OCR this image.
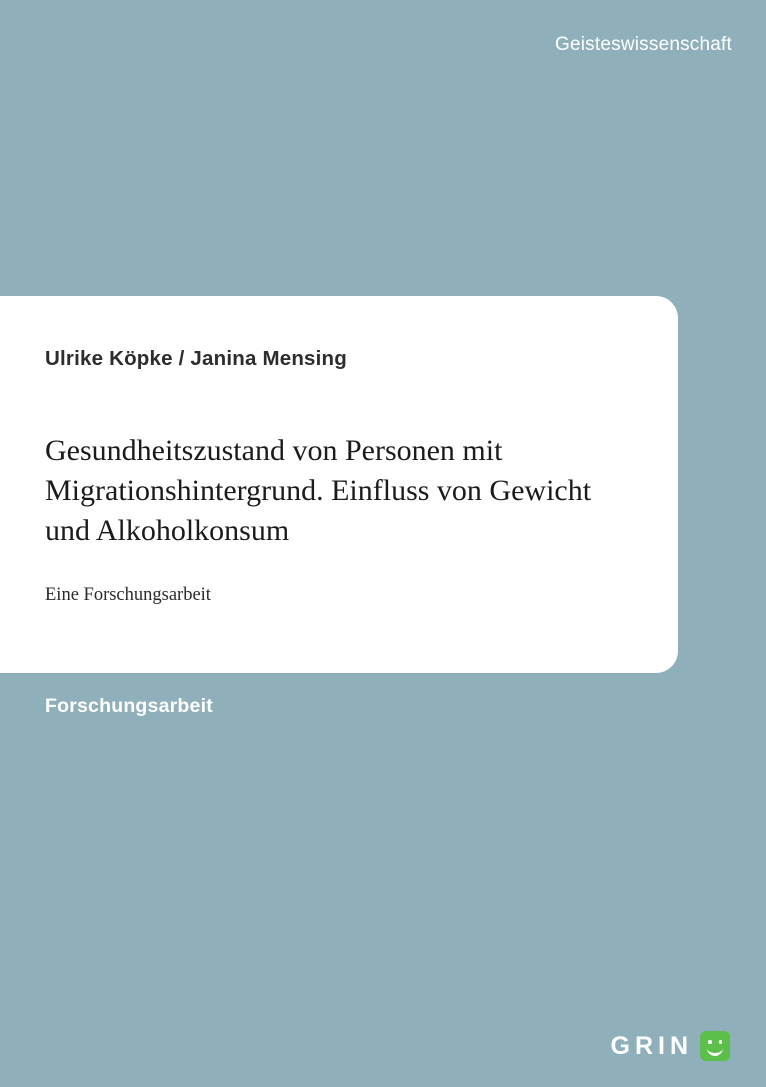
Geisteswissenschaft
Ulrike Köpke / Janina Mensing
Gesundheitszustand von Personen mit Migrationshintergrund. Einfluss von Gewicht und Alkoholkonsum
Eine Forschungsarbeit
Forschungsarbeit
GRIN
